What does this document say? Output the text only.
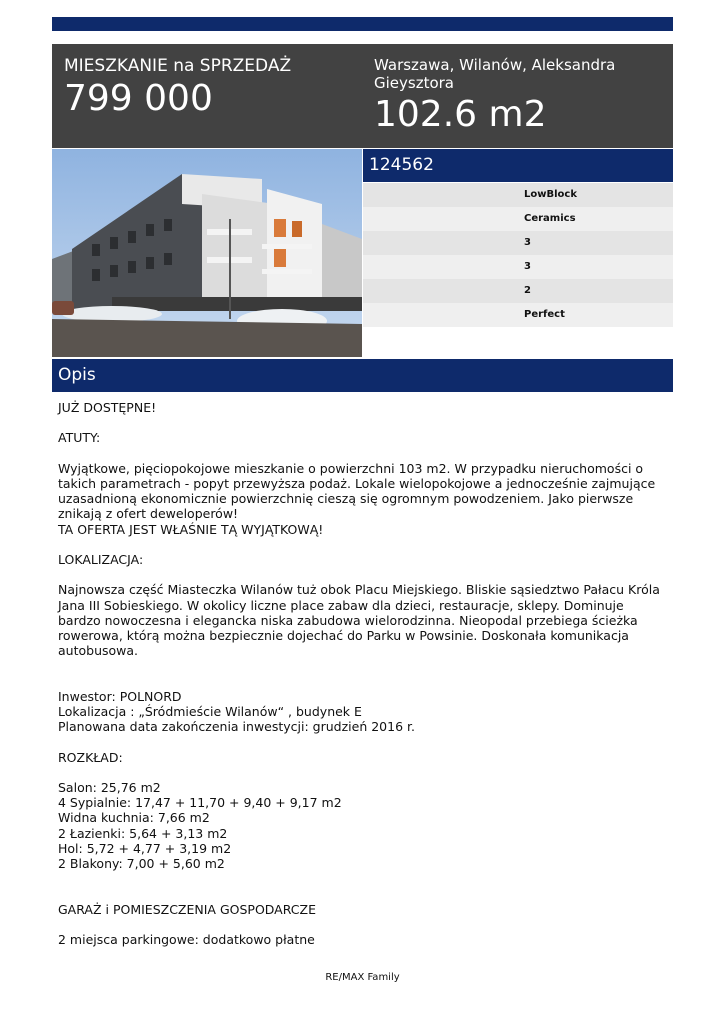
MIESZKANIE na SPRZEDAŻ
799 000
Warszawa, Wilanów, Aleksandra Gieysztora
102.6 m2
124562
LowBlock
Ceramics
3
3
2
Perfect
Opis

JUŻ DOSTĘPNE!

ATUTY:

Wyjątkowe, pięciopokojowe mieszkanie o powierzchni 103 m2. W przypadku nieruchomości o takich parametrach - popyt przewyższa podaż. Lokale wielopokojowe a jednocześnie zajmujące uzasadnioną ekonomicznie powierzchnię cieszą się ogromnym powodzeniem. Jako pierwsze znikają z ofert deweloperów!
TA OFERTA JEST WŁAŚNIE TĄ WYJĄTKOWĄ!

LOKALIZACJA:

Najnowsza część Miasteczka Wilanów tuż obok Placu Miejskiego. Bliskie sąsiedztwo Pałacu Króla Jana III Sobieskiego. W okolicy liczne place zabaw dla dzieci, restauracje, sklepy. Dominuje bardzo nowoczesna i elegancka niska zabudowa wielorodzinna. Nieopodal przebiega ścieżka rowerowa, którą można bezpiecznie dojechać do Parku w Powsinie. Doskonała komunikacja autobusowa.

Inwestor: POLNORD
Lokalizacja : „Śródmieście Wilanów“ , budynek E
Planowana data zakończenia inwestycji: grudzień 2016 r.

ROZKŁAD:

Salon: 25,76 m2
4 Sypialnie: 17,47 + 11,70 + 9,40 + 9,17 m2
Widna kuchnia: 7,66 m2
2 Łazienki: 5,64 + 3,13 m2
Hol: 5,72 + 4,77 + 3,19 m2
2 Blakony: 7,00 + 5,60 m2

GARAŻ i POMIESZCZENIA GOSPODARCZE

2 miejsca parkingowe: dodatkowo płatne

RE/MAX Family
